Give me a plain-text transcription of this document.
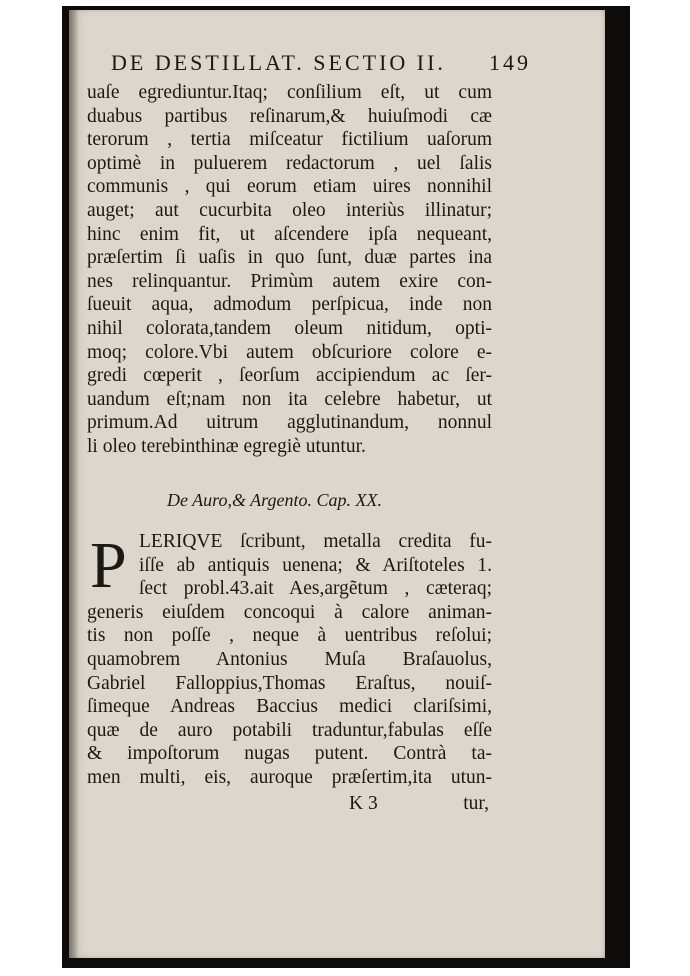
DE DESTILLAT. SECTIO II. 149
uaſe egrediuntur.Itaq; conſilium eſt, ut cum
duabus partibus reſinarum,& huiuſmodi cæ
terorum , tertia miſceatur fictilium uaſorum
optimè in puluerem redactorum , uel ſalis
communis , qui eorum etiam uires nonnihil
auget; aut cucurbita oleo interiùs illinatur;
hinc enim fit, ut aſcendere ipſa nequeant,
præſertim ſi uaſis in quo ſunt, duæ partes ina
nes relinquantur. Primùm autem exire con-
ſueuit aqua, admodum perſpicua, inde non
nihil colorata,tandem oleum nitidum, opti-
moq; colore.Vbi autem obſcuriore colore e-
gredi cœperit , ſeorſum accipiendum ac ſer-
uandum eſt;nam non ita celebre habetur, ut
primum.Ad uitrum agglutinandum, nonnul
li oleo terebinthinæ egregiè utuntur.
De Auro,& Argento. Cap. XX.
P LERIQVE ſcribunt, metalla credita fu-
iſſe ab antiquis uenena; & Ariſtoteles 1.
ſect probl.43.ait Aes,argẽtum , cæteraq;
generis eiuſdem concoqui à calore animan-
tis non poſſe , neque à uentribus reſolui;
quamobrem Antonius Muſa Braſauolus,
Gabriel Falloppius,Thomas Eraſtus, nouiſ-
ſimeque Andreas Baccius medici clariſsimi,
quæ de auro potabili traduntur,fabulas eſſe
& impoſtorum nugas putent. Contrà ta-
men multi, eis, auroque præſertim,ita utun-
K 3	tur,
